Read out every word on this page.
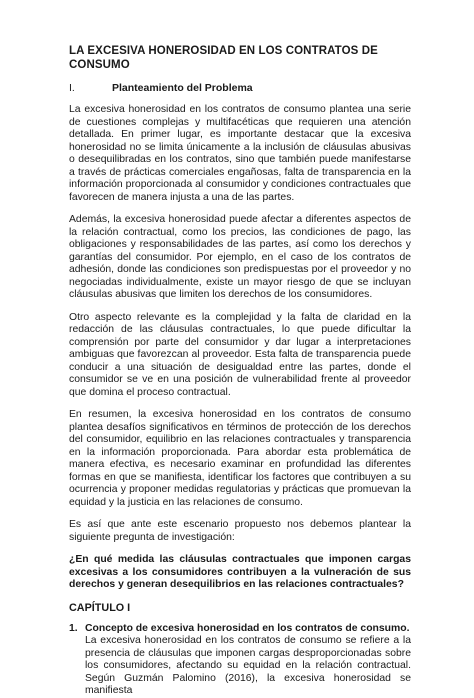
LA EXCESIVA HONEROSIDAD EN LOS CONTRATOS DE CONSUMO
I.	Planteamiento del Problema

La excesiva honerosidad en los contratos de consumo plantea una serie de cuestiones complejas y multifacéticas que requieren una atención detallada. En primer lugar, es importante destacar que la excesiva honerosidad no se limita únicamente a la inclusión de cláusulas abusivas o desequilibradas en los contratos, sino que también puede manifestarse a través de prácticas comerciales engañosas, falta de transparencia en la información proporcionada al consumidor y condiciones contractuales que favorecen de manera injusta a una de las partes.

Además, la excesiva honerosidad puede afectar a diferentes aspectos de la relación contractual, como los precios, las condiciones de pago, las obligaciones y responsabilidades de las partes, así como los derechos y garantías del consumidor. Por ejemplo, en el caso de los contratos de adhesión, donde las condiciones son predispuestas por el proveedor y no negociadas individualmente, existe un mayor riesgo de que se incluyan cláusulas abusivas que limiten los derechos de los consumidores.

Otro aspecto relevante es la complejidad y la falta de claridad en la redacción de las cláusulas contractuales, lo que puede dificultar la comprensión por parte del consumidor y dar lugar a interpretaciones ambiguas que favorezcan al proveedor. Esta falta de transparencia puede conducir a una situación de desigualdad entre las partes, donde el consumidor se ve en una posición de vulnerabilidad frente al proveedor que domina el proceso contractual.

En resumen, la excesiva honerosidad en los contratos de consumo plantea desafíos significativos en términos de protección de los derechos del consumidor, equilibrio en las relaciones contractuales y transparencia en la información proporcionada. Para abordar esta problemática de manera efectiva, es necesario examinar en profundidad las diferentes formas en que se manifiesta, identificar los factores que contribuyen a su ocurrencia y proponer medidas regulatorias y prácticas que promuevan la equidad y la justicia en las relaciones de consumo.

Es así que ante este escenario propuesto nos debemos plantear la siguiente pregunta de investigación:

¿En qué medida las cláusulas contractuales que imponen cargas excesivas a los consumidores contribuyen a la vulneración de sus derechos y generan desequilibrios en las relaciones contractuales?

CAPÍTULO I
1. Concepto de excesiva honerosidad en los contratos de consumo.
La excesiva honerosidad en los contratos de consumo se refiere a la presencia de cláusulas que imponen cargas desproporcionadas sobre los consumidores, afectando su equidad en la relación contractual. Según Guzmán Palomino (2016), la excesiva honerosidad se manifiesta
